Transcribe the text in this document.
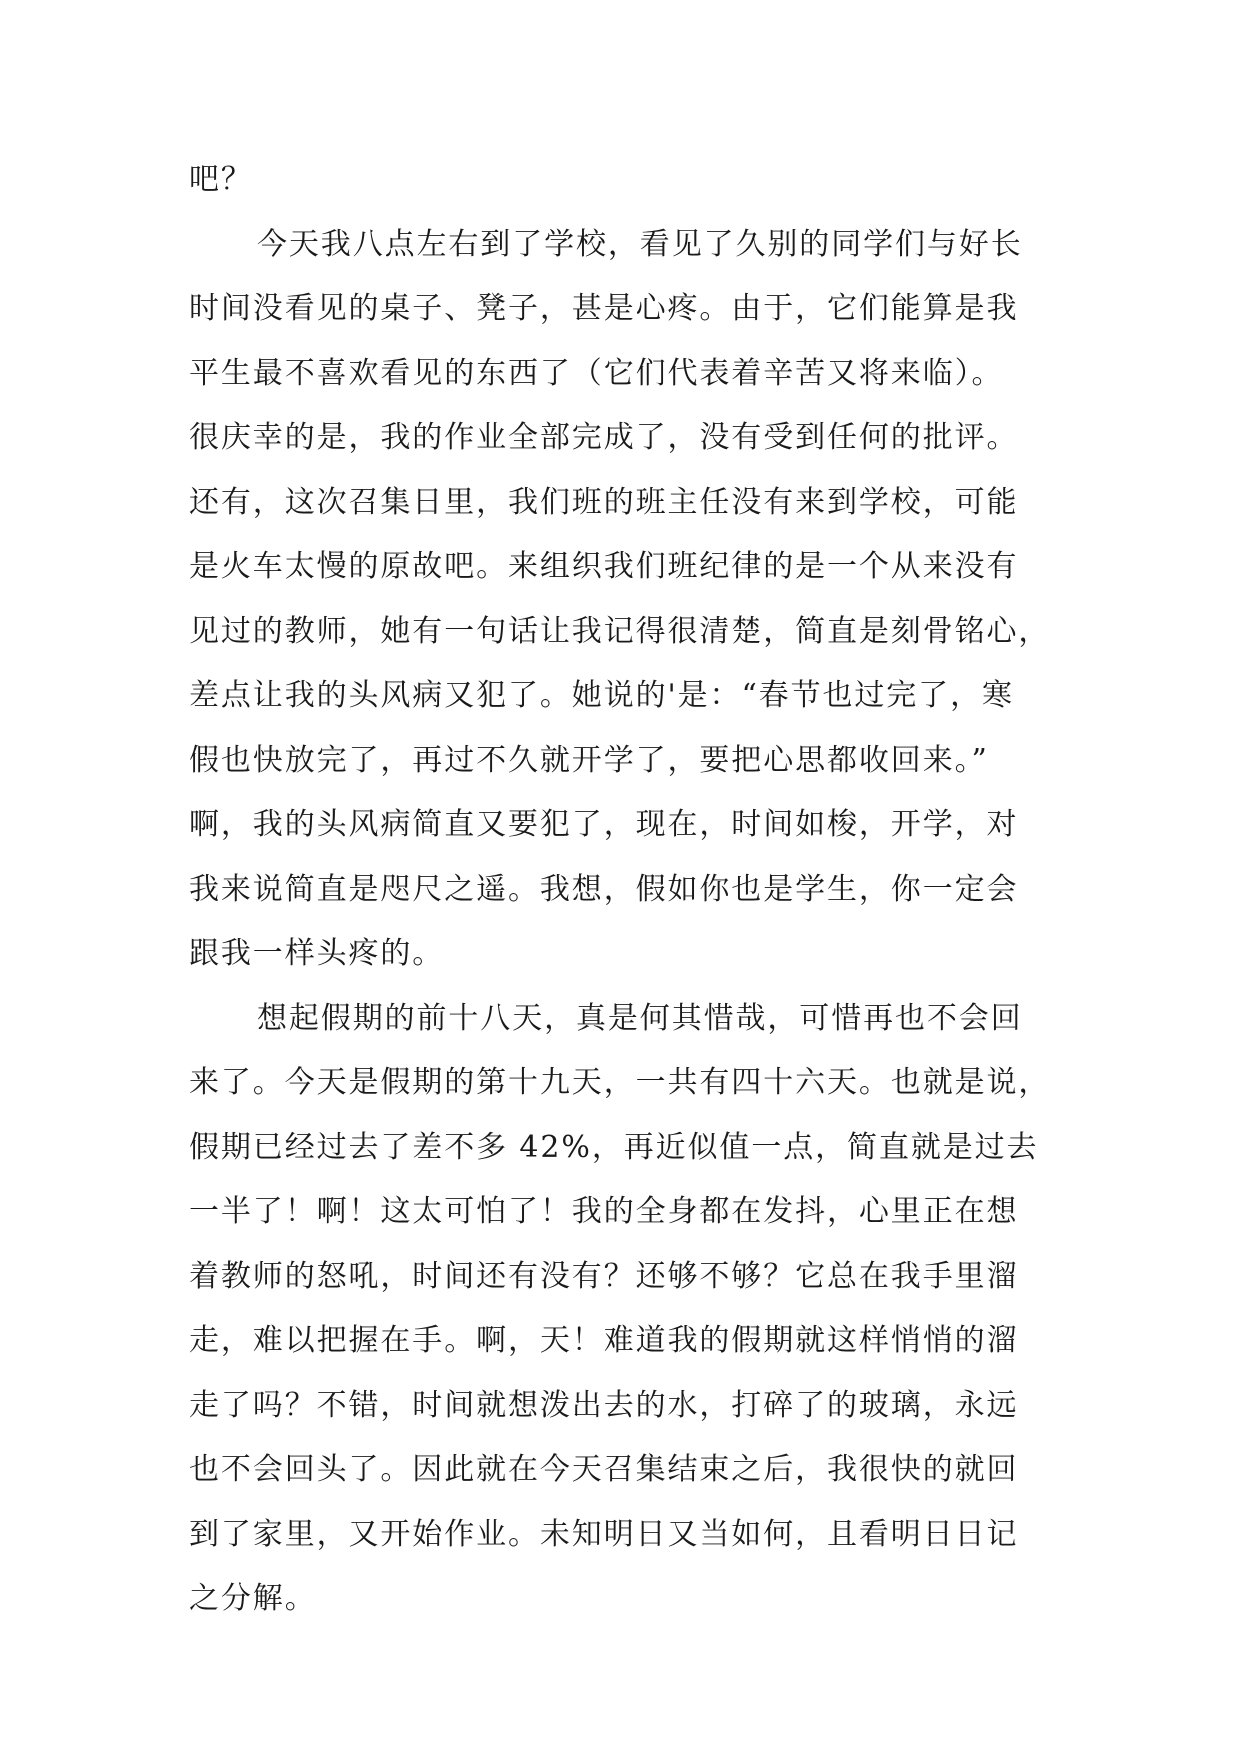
吧？
今天我八点左右到了学校，看见了久别的同学们与好长
时间没看见的桌子、凳子，甚是心疼。由于，它们能算是我
平生最不喜欢看见的东西了（它们代表着辛苦又将来临）。
很庆幸的是，我的作业全部完成了，没有受到任何的批评。
还有，这次召集日里，我们班的班主任没有来到学校，可能
是火车太慢的原故吧。来组织我们班纪律的是一个从来没有
见过的教师，她有一句话让我记得很清楚，简直是刻骨铭心，
差点让我的头风病又犯了。她说的'是：“春节也过完了，寒
假也快放完了，再过不久就开学了，要把心思都收回来。”
啊，我的头风病简直又要犯了，现在，时间如梭，开学，对
我来说简直是咫尺之遥。我想，假如你也是学生，你一定会
跟我一样头疼的。
想起假期的前十八天，真是何其惜哉，可惜再也不会回
来了。今天是假期的第十九天，一共有四十六天。也就是说，
假期已经过去了差不多 42%，再近似值一点，简直就是过去
一半了！啊！这太可怕了！我的全身都在发抖，心里正在想
着教师的怒吼，时间还有没有？还够不够？它总在我手里溜
走，难以把握在手。啊，天！难道我的假期就这样悄悄的溜
走了吗？不错，时间就想泼出去的水，打碎了的玻璃，永远
也不会回头了。因此就在今天召集结束之后，我很快的就回
到了家里，又开始作业。未知明日又当如何，且看明日日记
之分解。
